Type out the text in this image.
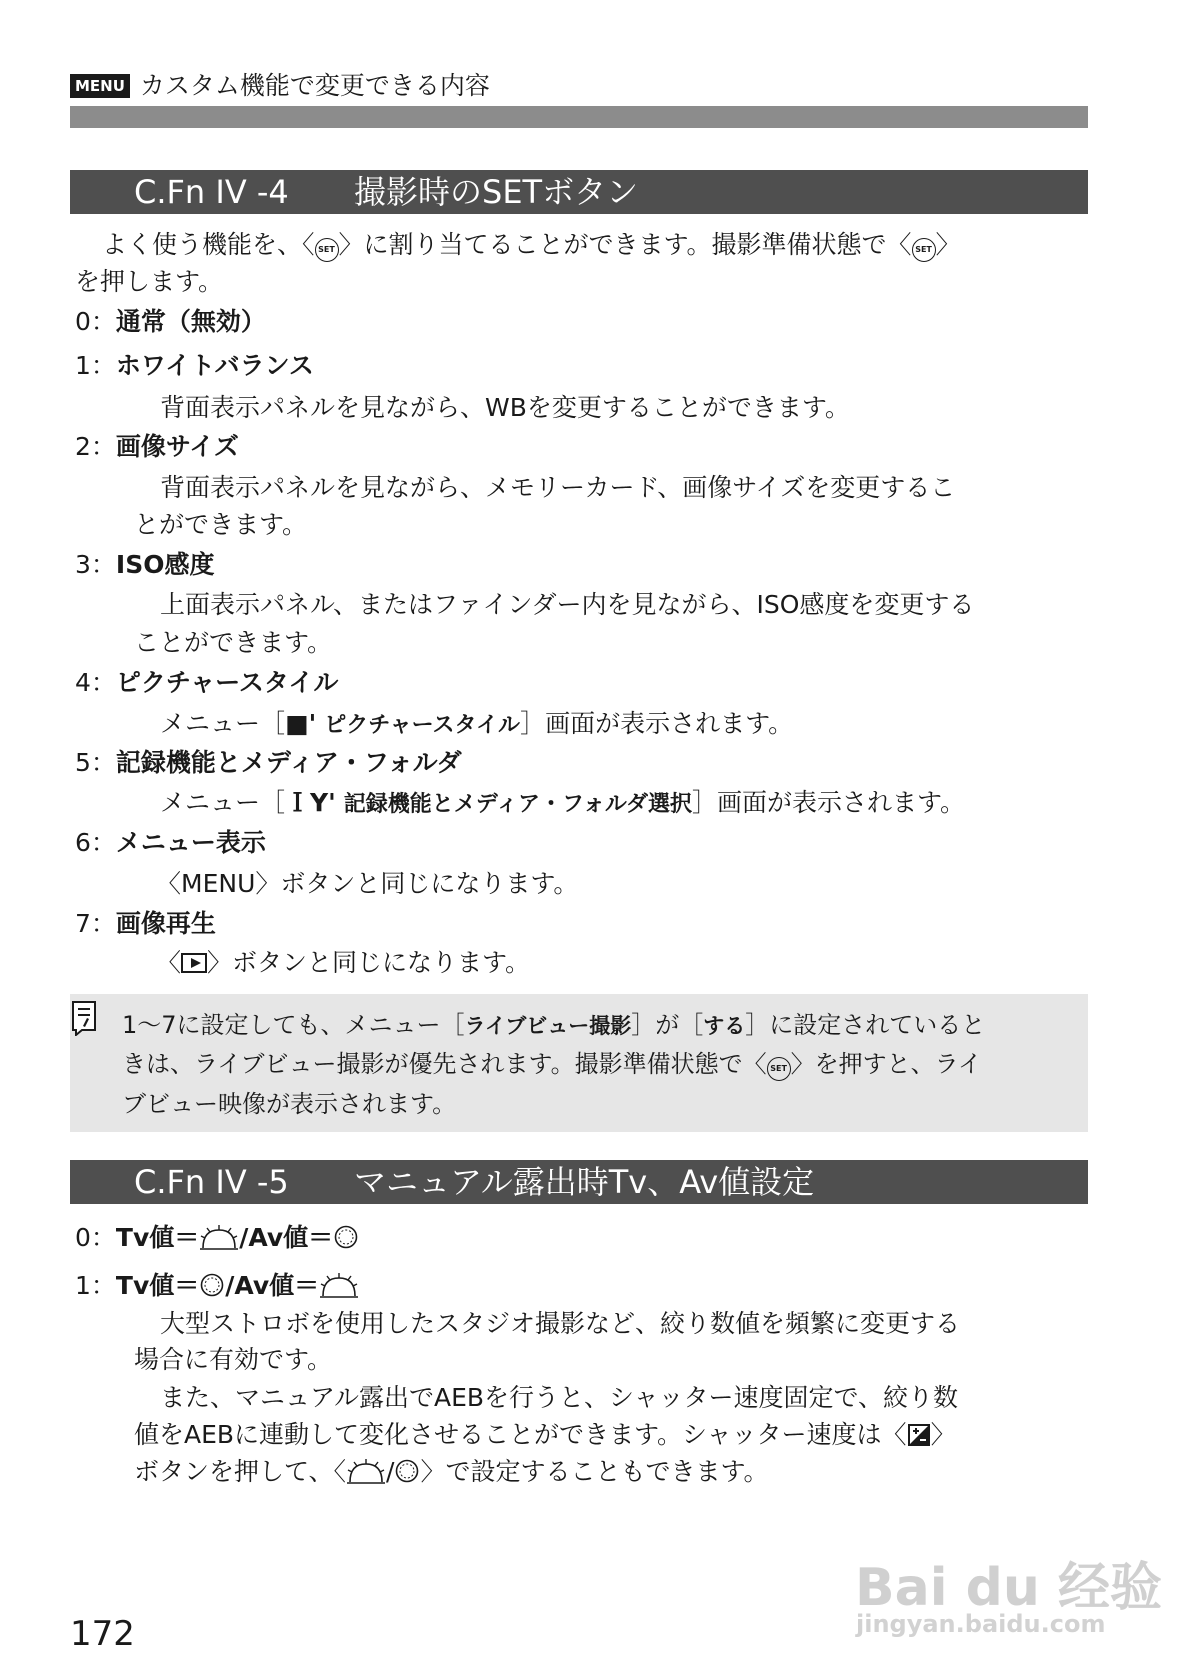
MENU カスタム機能で変更できる内容
C.Fn IV -4 撮影時のSETボタン
よく使う機能を、〈 SET 〉に割り当てることができます。撮影準備状態で〈 SET 〉
を押します。
0：通常（無効）
1：ホワイトバランス
背面表示パネルを見ながら、WBを変更することができます。
2：画像サイズ
背面表示パネルを見ながら、メモリーカード、画像サイズを変更するこ
とができます。
3：ISO感度
上面表示パネル、またはファインダー内を見ながら、ISO感度を変更する
ことができます。
4：ピクチャースタイル
メニュー［■' ピクチャースタイル］画面が表示されます。
5：記録機能とメディア・フォルダ
メニュー［ＩΥ' 記録機能とメディア・フォルダ選択］画面が表示されます。
6：メニュー表示
〈MENU〉ボタンと同じになります。
7：画像再生
〈 〉ボタンと同じになります。
1～7に設定しても、メニュー［ライブビュー撮影］が［する］に設定されていると
きは、ライブビュー撮影が優先されます。撮影準備状態で〈 SET 〉を押すと、ライ
ブビュー映像が表示されます。
C.Fn IV -5 マニュアル露出時Tv、Av値設定
0：Tv値＝ /Av値＝
1：Tv値＝ /Av値＝
大型ストロボを使用したスタジオ撮影など、絞り数値を頻繁に変更する
場合に有効です。
また、マニュアル露出でAEBを行うと、シャッター速度固定で、絞り数
値をAEBに連動して変化させることができます。シャッター速度は〈 〉
ボタンを押して、〈 / 〉で設定することもできます。
172
Bai du 经验
jingyan.baidu.com
